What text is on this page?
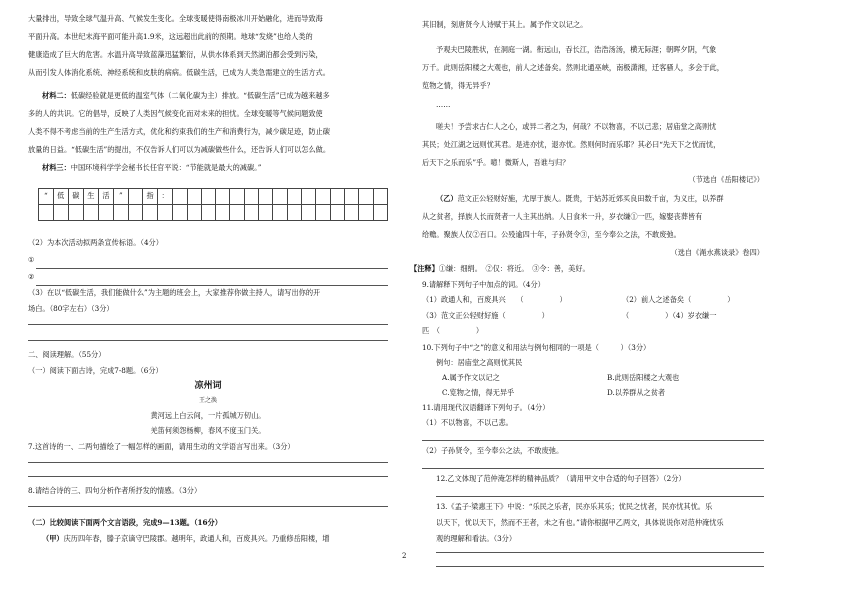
大量排出，导致全球气温升高、气候发生变化。全球变暖使得南极冰川开始融化，进而导致海
平面升高。本世纪末海平面可能升高1.9米，这远超出此前的预期。地球“发烧”也给人类的
健康造成了巨大的危害。水温升高导致蓝藻迅猛繁衍，从供水体系到天然湖泊都会受到污染，
从而引发人体消化系统、神经系统和皮肤的病病。低碳生活，已成为人类急需建立的生活方式。
材料二：低碳经验就是更低的温室气体（二氧化碳为主）排放。“低碳生活”已成为越来越多
多的人的共识。它的倡导，反映了人类因气候变化而对未来的担忧。全球变暖等气候问题致使
人类不得不考虑当前的生产生活方式，优化和约束我们的生产和消费行为，减少碳足迹，防止碳
放量的日益。“低碳生活”的提出，不仅告诉人们可以为减碳做些什么，还告诉人们可以怎么做。
材料三：中国环境科学学会秘书长任官平说：“节能就是最大的减碳。”
“	低	碳	生	活	”		指	：															

（2）为本次活动拟两条宣传标语。（4分）
①
②
（3）在以“低碳生活，我们能做什么”为主题的班会上，大家推荐你做主持人，请写出你的开
场白。（80字左右）（3分）
二、阅读理解。（55分）
（一）阅读下面古诗，完成7-8题。（6分）
凉州词
王之涣
黄河远上白云间，一片孤城万仞山。
羌笛何须怨杨柳，春风不度玉门关。
7.这首诗的一、二两句描绘了一幅怎样的画面，请用生动的文学语言写出来。（3分）
8.请结合诗的三、四句分析作者所抒发的情感。（3分）
（二）比较阅读下面两个文言语段，完成9—13题。（16分）
（甲）庆历四年春，滕子京谪守巴陵郡。越明年，政通人和，百废具兴。乃重修岳阳楼，增
其旧制，刻唐贤今人诗赋于其上。属予作文以记之。
予观夫巴陵胜状，在洞庭一湖。衔远山，吞长江，浩浩汤汤，横无际涯；朝晖夕阴，气象
万千。此则岳阳楼之大观也，前人之述备矣。然则北通巫峡，南极潇湘，迁客骚人，多会于此，
览物之情，得无异乎？
……
嗟夫！予尝求古仁人之心，或异二者之为，何哉？不以物喜，不以己悲；居庙堂之高则忧
其民；处江湖之远则忧其君。是进亦忧，退亦忧。然则何时而乐耶？其必曰“先天下之忧而忧，
后天下之乐而乐”乎。噫！微斯人，吾谁与归？
（节选自《岳阳楼记》）
（乙）范文正公轻财好施，尤厚于族人。既贵，于姑苏近郊买良田数千亩，为义庄，以养群
从之贫者，择族人长而贤者一人主其出纳。人日食米一升，岁衣缣①一匹，嫁娶丧葬皆有
给赡。聚族人仅②百口。公殁逾四十年，子孙贤令③，至今奉公之法，不敢废弛。
（选自《渑水燕谈录》卷四）
【注释】①缣：细绢。　②仅：将近。　③令：善，美好。
9.请解释下列句子中加点的词。（4分）
（1）政通人和，百废具兴　　（　　　　　）	（2）前人之述备矣（　　　　　）
（3）范文正公轻财好施（　　　　　）	（　　　　　）（4）岁衣缣一
匹　（　　　　　）
10.下列句子中“之”的意义和用法与例句相同的一项是（　　　）（3分）
例句：居庙堂之高则忧其民
A.属予作文以记之	B.此则岳阳楼之大观也
C.览物之情，得无异乎	D.以养群从之贫者
11.请用现代汉语翻译下列句子。（4分）
（1）不以物喜，不以己悲。
（2）子孙贤令，至今奉公之法，不敢废弛。
12.乙文体现了范仲淹怎样的精神品质？（请用甲文中合适的句子回答）（2分）
13.《孟子·梁惠王下》中说：“乐民之乐者，民亦乐其乐；忧民之忧者，民亦忧其忧。乐
以天下，忧以天下，然而不王者，未之有也。”请你根据甲乙两文，具体说说你对范仲淹忧乐
观的理解和看法。（3分）
2
